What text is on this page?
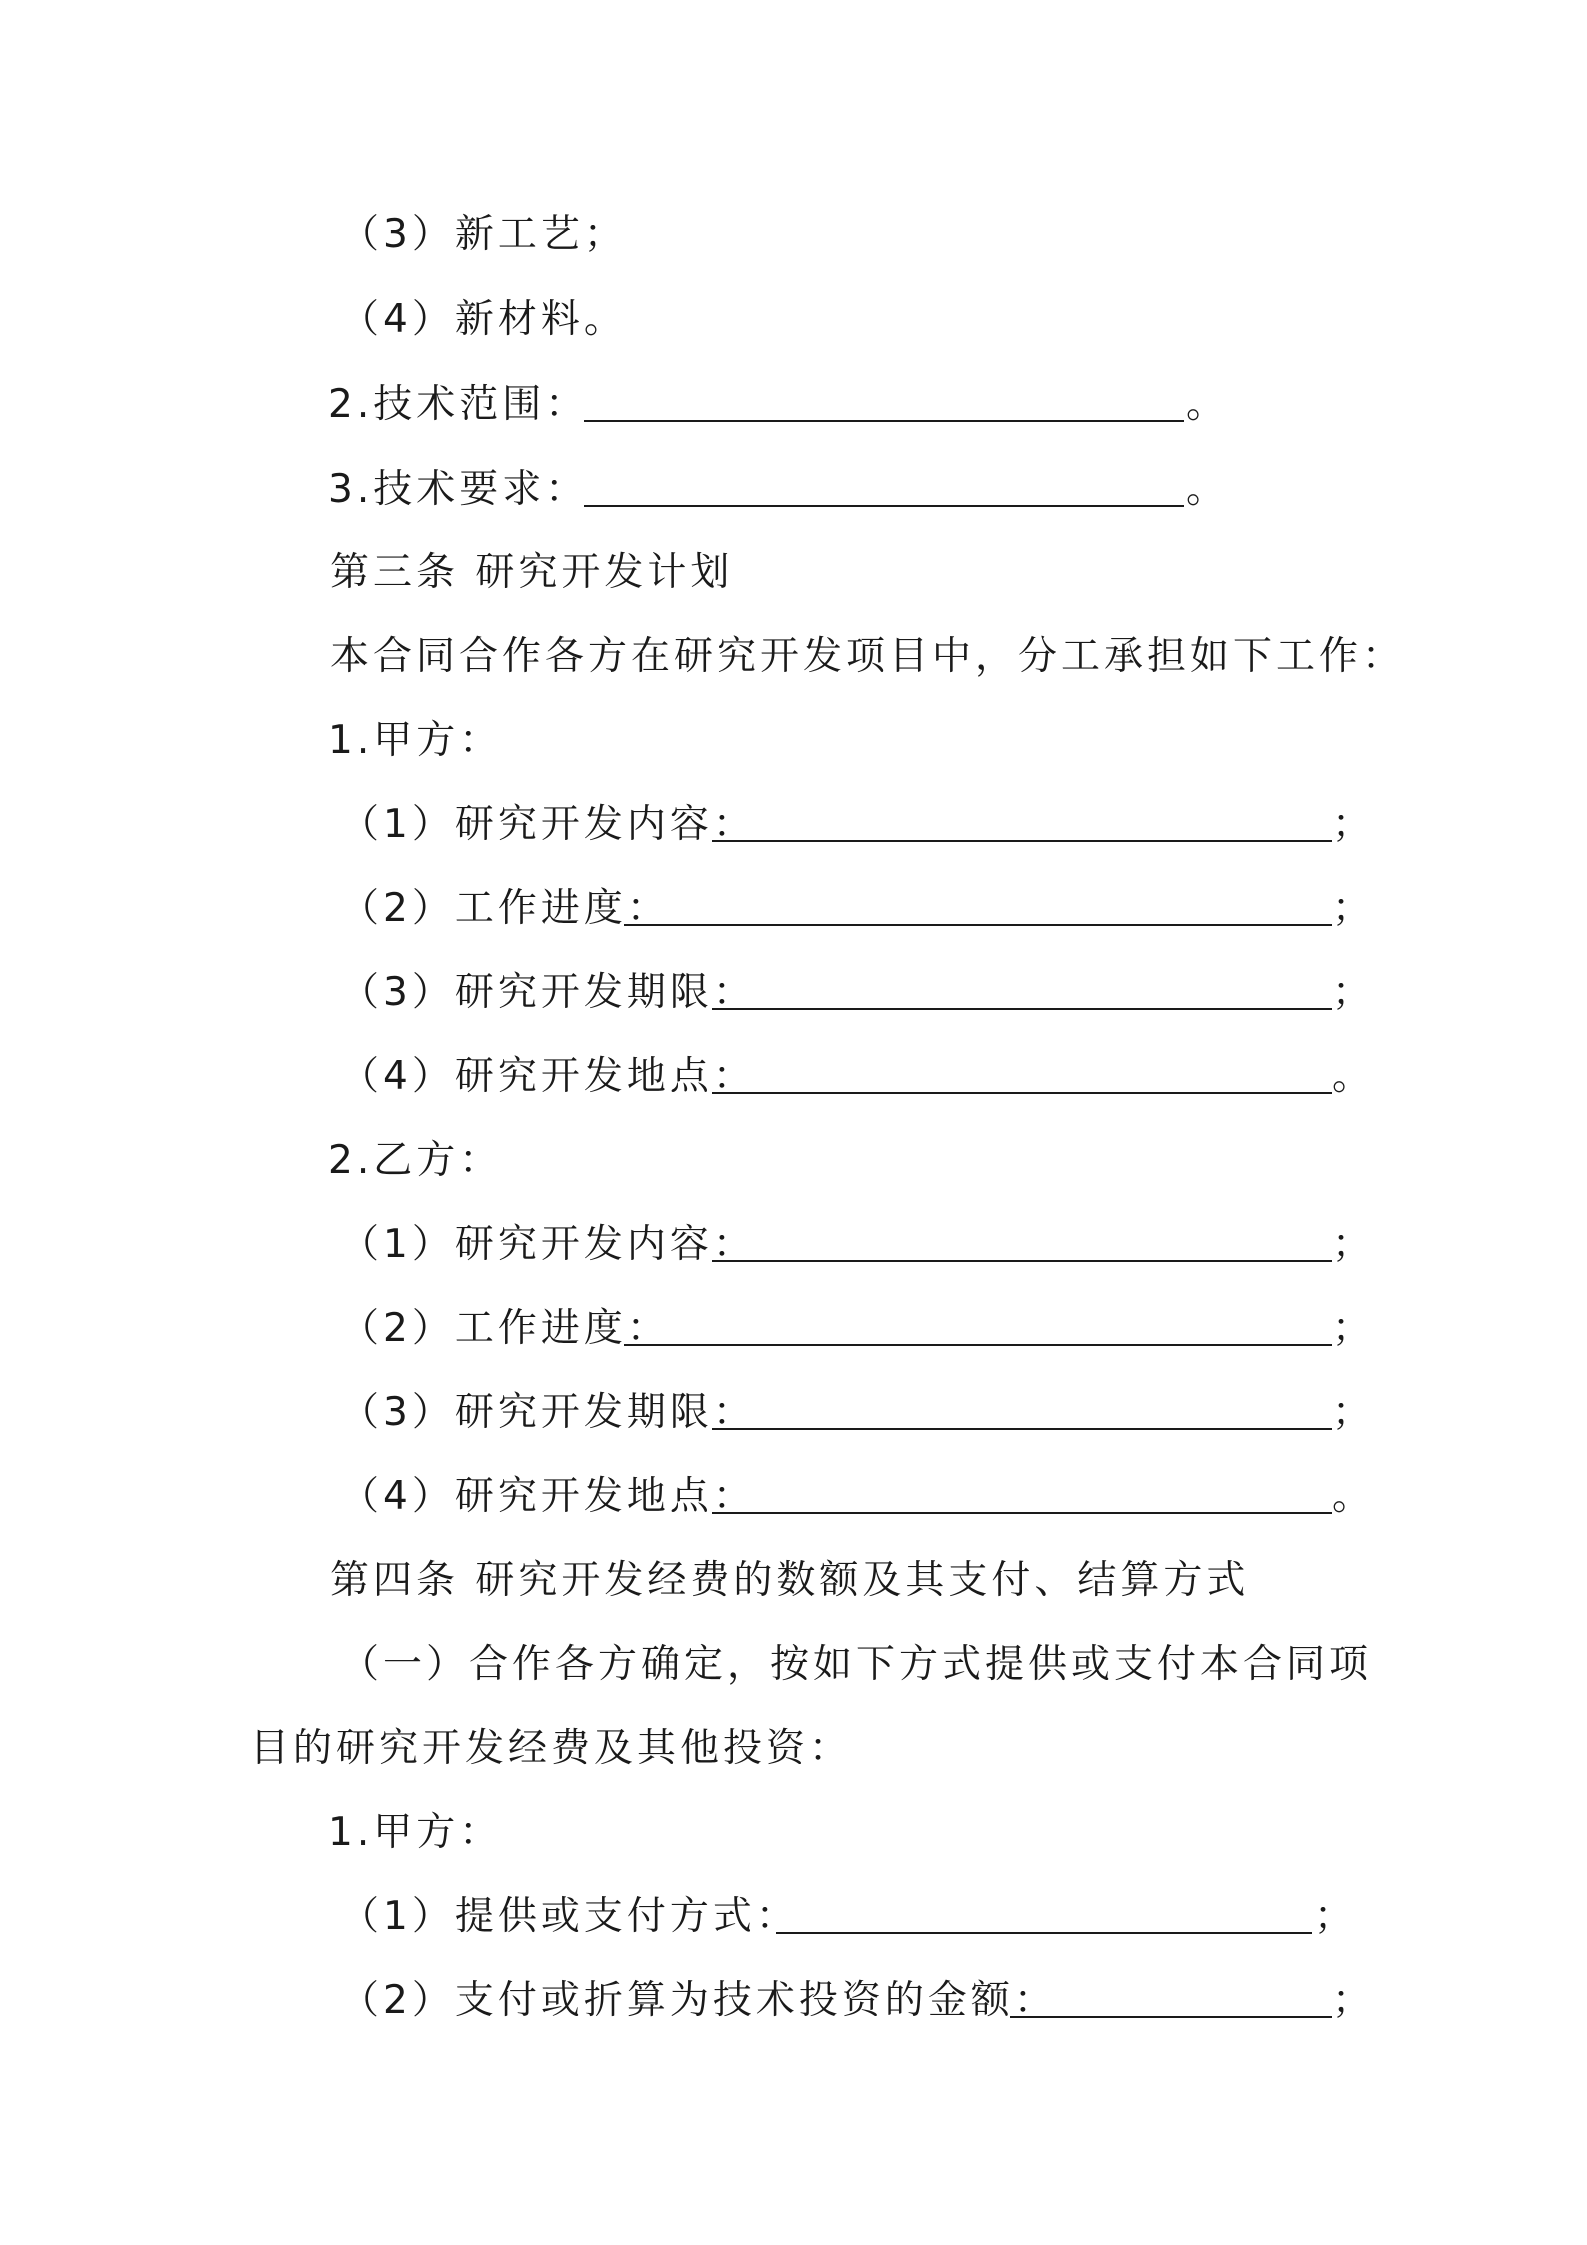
（3）新工艺；
（4）新材料。
2.技术范围：	。
3.技术要求：	。
第三条 研究开发计划
本合同合作各方在研究开发项目中，分工承担如下工作：
1.甲方：
（1）研究开发内容：	；
（2）工作进度：	；
（3）研究开发期限：	；
（4）研究开发地点：	。
2.乙方：
（1）研究开发内容：	；
（2）工作进度：	；
（3）研究开发期限：	；
（4）研究开发地点：	。
第四条 研究开发经费的数额及其支付、结算方式
（一）合作各方确定，按如下方式提供或支付本合同项
目的研究开发经费及其他投资：
1.甲方：
（1）提供或支付方式：	；
（2）支付或折算为技术投资的金额：	；
